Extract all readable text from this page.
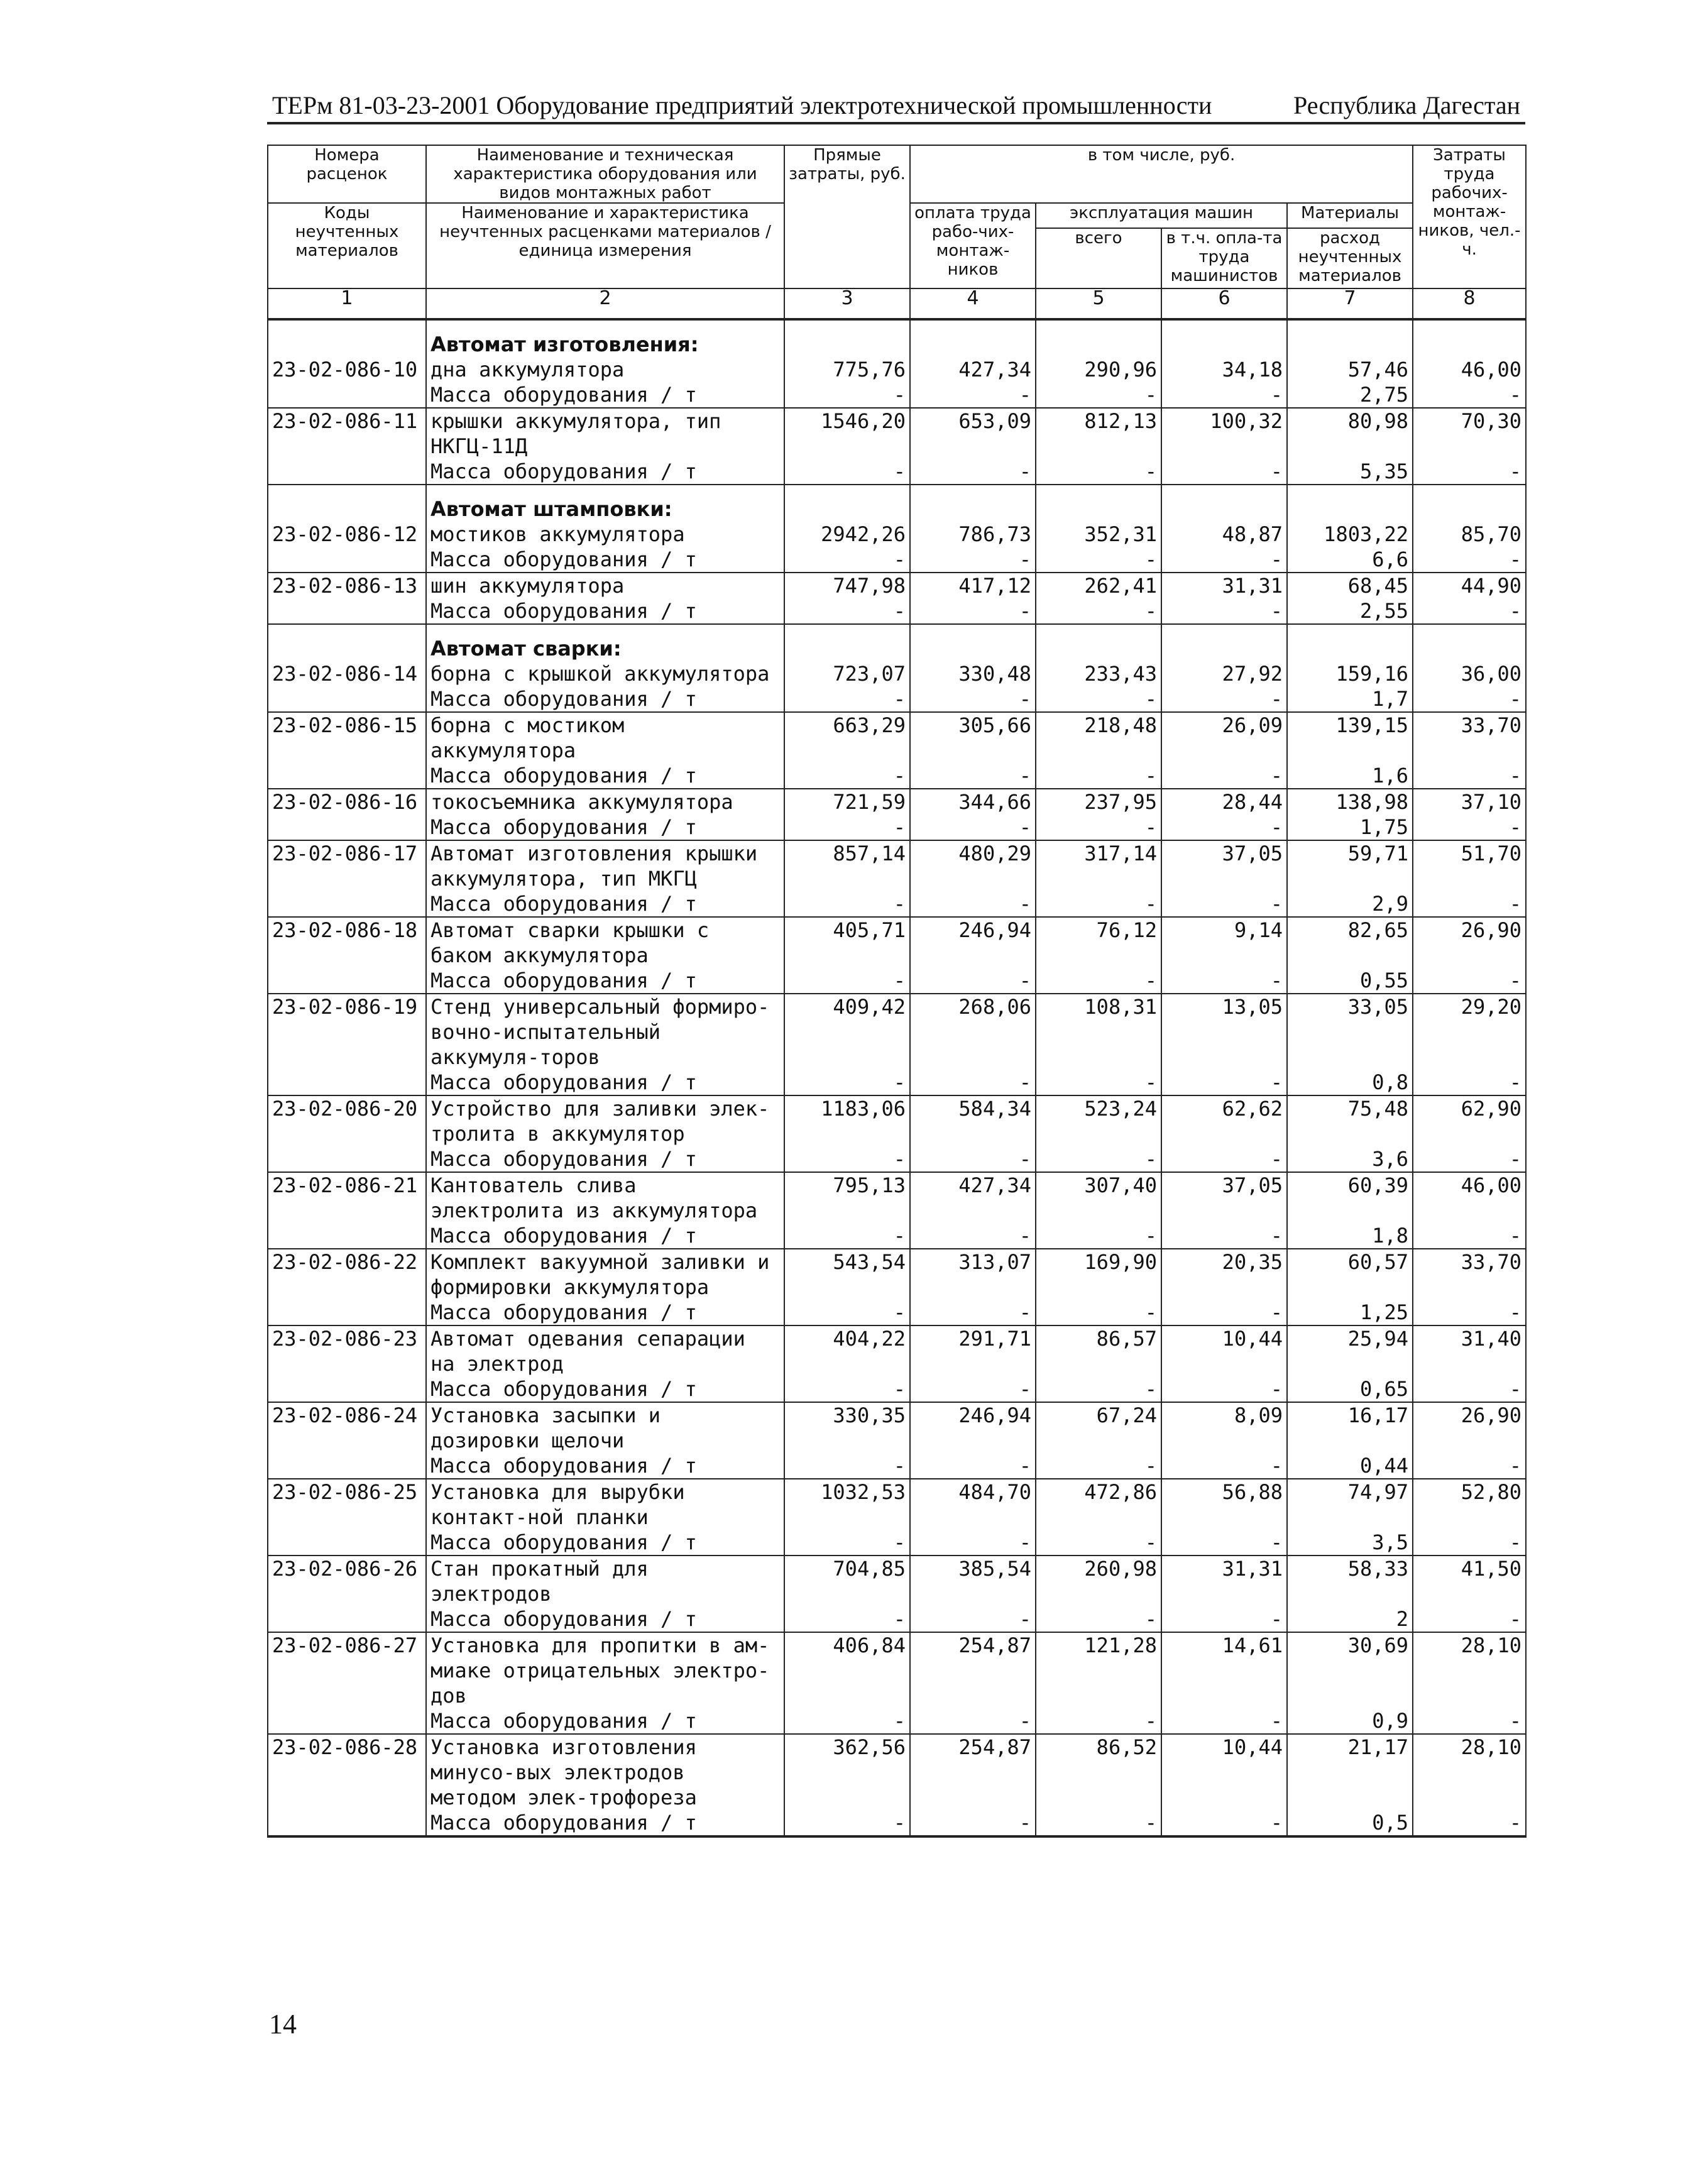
ТЕРм 81-03-23-2001 Оборудование предприятий электротехнической промышленности	Республика Дагестан
Номера расценок	Наименование и техническая характеристика оборудования или видов монтажных работ	Прямые затраты, руб.	в том числе, руб.				Затраты труда рабочих-монтаж-ников, чел.-ч.
Коды неучтенных материалов	Наименование и характеристика неучтенных расценками материалов / единица измерения		оплата труда рабо-чих-монтаж-ников	эксплуатация машин		Материалы	
				всего	в т.ч. опла-та труда машинистов	расход неучтенных материалов	
1	2	3	4	5	6	7	8
	Автомат изготовления:						
23-02-086-10	дна аккумулятора	775,76	427,34	290,96	34,18	57,46	46,00
	Масса оборудования / т	-	-	-	-	2,75	-
23-02-086-11	крышки аккумулятора, тип НКГЦ-11Д	1546,20	653,09	812,13	100,32	80,98	70,30
	Масса оборудования / т	-	-	-	-	5,35	-
	Автомат штамповки:						
23-02-086-12	мостиков аккумулятора	2942,26	786,73	352,31	48,87	1803,22	85,70
	Масса оборудования / т	-	-	-	-	6,6	-
23-02-086-13	шин аккумулятора	747,98	417,12	262,41	31,31	68,45	44,90
	Масса оборудования / т	-	-	-	-	2,55	-
	Автомат сварки:						
23-02-086-14	борна с крышкой аккумулятора	723,07	330,48	233,43	27,92	159,16	36,00
	Масса оборудования / т	-	-	-	-	1,7	-
23-02-086-15	борна с мостиком аккумулятора	663,29	305,66	218,48	26,09	139,15	33,70
	Масса оборудования / т	-	-	-	-	1,6	-
23-02-086-16	токосъемника аккумулятора	721,59	344,66	237,95	28,44	138,98	37,10
	Масса оборудования / т	-	-	-	-	1,75	-
23-02-086-17	Автомат изготовления крышки аккумулятора, тип МКГЦ	857,14	480,29	317,14	37,05	59,71	51,70
	Масса оборудования / т	-	-	-	-	2,9	-
23-02-086-18	Автомат сварки крышки с баком аккумулятора	405,71	246,94	76,12	9,14	82,65	26,90
	Масса оборудования / т	-	-	-	-	0,55	-
23-02-086-19	Стенд универсальный формиро-вочно-испытательный аккумуля-торов	409,42	268,06	108,31	13,05	33,05	29,20
	Масса оборудования / т	-	-	-	-	0,8	-
23-02-086-20	Устройство для заливки элек-тролита в аккумулятор	1183,06	584,34	523,24	62,62	75,48	62,90
	Масса оборудования / т	-	-	-	-	3,6	-
23-02-086-21	Кантователь слива электролита из аккумулятора	795,13	427,34	307,40	37,05	60,39	46,00
	Масса оборудования / т	-	-	-	-	1,8	-
23-02-086-22	Комплект вакуумной заливки и формировки аккумулятора	543,54	313,07	169,90	20,35	60,57	33,70
	Масса оборудования / т	-	-	-	-	1,25	-
23-02-086-23	Автомат одевания сепарации на электрод	404,22	291,71	86,57	10,44	25,94	31,40
	Масса оборудования / т	-	-	-	-	0,65	-
23-02-086-24	Установка засыпки и дозировки щелочи	330,35	246,94	67,24	8,09	16,17	26,90
	Масса оборудования / т	-	-	-	-	0,44	-
23-02-086-25	Установка для вырубки контакт-ной планки	1032,53	484,70	472,86	56,88	74,97	52,80
	Масса оборудования / т	-	-	-	-	3,5	-
23-02-086-26	Стан прокатный для электродов	704,85	385,54	260,98	31,31	58,33	41,50
	Масса оборудования / т	-	-	-	-	2	-
23-02-086-27	Установка для пропитки в ам-миаке отрицательных электро-дов	406,84	254,87	121,28	14,61	30,69	28,10
	Масса оборудования / т	-	-	-	-	0,9	-
23-02-086-28	Установка изготовления минусо-вых электродов методом элек-трофореза	362,56	254,87	86,52	10,44	21,17	28,10
	Масса оборудования / т	-	-	-	-	0,5	-
14
